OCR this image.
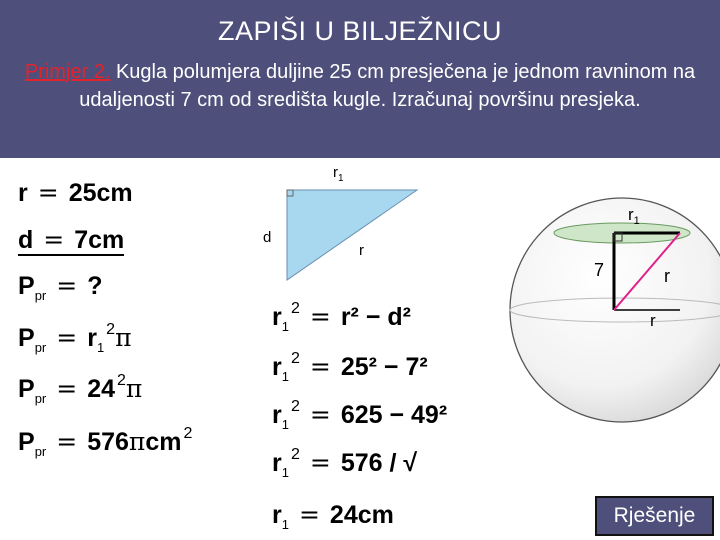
ZAPIŠI U BILJEŽNICU
Primjer 2. Kugla polumjera duljine 25 cm presječena je jednom ravninom na udaljenosti 7 cm od središta kugle. Izračunaj površinu presjeka.
r = 25cm
d = 7cm
$P_{pr}$ = ?
$P_{pr} = r_1^2\pi$
$P_{pr} = 24$ $^2$π
$P_{pr} = 576\pi cm$ $^2$
$r_1$
d
r
$r_1^2 = r^2 - d^2$
$r_1^2 = 25^2 - 7^2$
$r_1^2 = 625 - 49^2$
$r_1^2 = 576$ / √
$r_1 = 24cm$
$r_1$
7	r
r
Rješenje
